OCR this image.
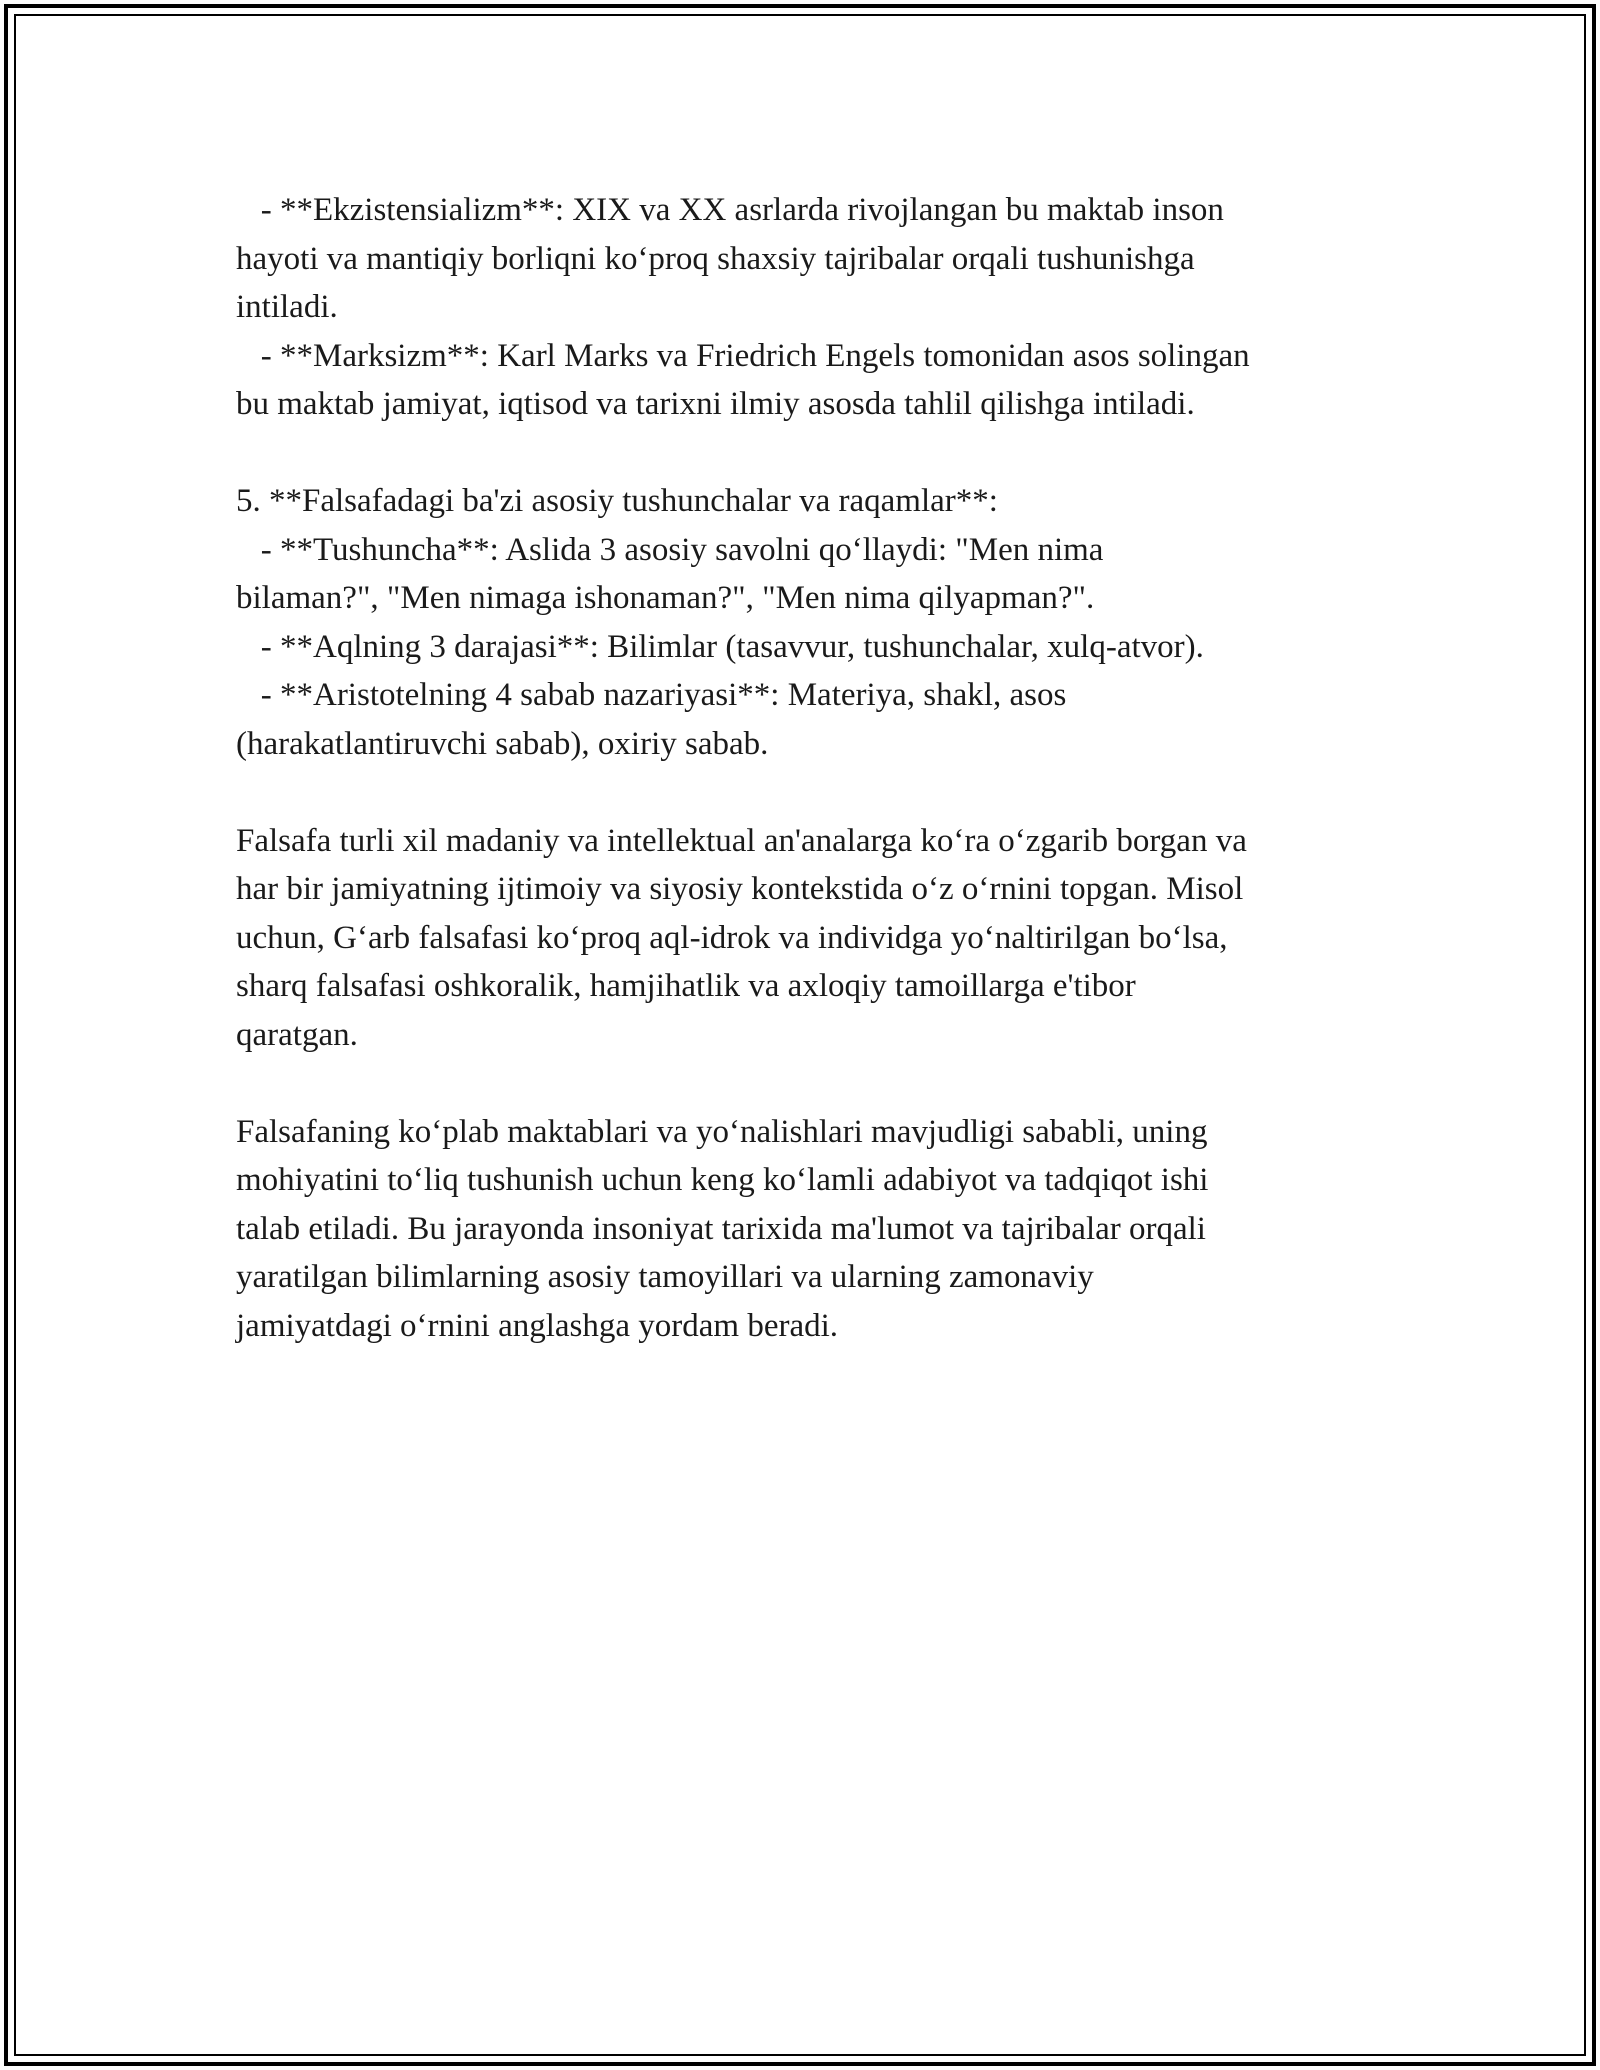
- **Ekzistensializm**: XIX va XX asrlarda rivojlangan bu maktab inson
hayoti va mantiqiy borliqni koʻproq shaxsiy tajribalar orqali tushunishga
intiladi.
- **Marksizm**: Karl Marks va Friedrich Engels tomonidan asos solingan
bu maktab jamiyat, iqtisod va tarixni ilmiy asosda tahlil qilishga intiladi.
5. **Falsafadagi ba'zi asosiy tushunchalar va raqamlar**:
- **Tushuncha**: Aslida 3 asosiy savolni qoʻllaydi: "Men nima
bilaman?", "Men nimaga ishonaman?", "Men nima qilyapman?".
- **Aqlning 3 darajasi**: Bilimlar (tasavvur, tushunchalar, xulq-atvor).
- **Aristotelning 4 sabab nazariyasi**: Materiya, shakl, asos
(harakatlantiruvchi sabab), oxiriy sabab.
Falsafa turli xil madaniy va intellektual an'analarga koʻra oʻzgarib borgan va
har bir jamiyatning ijtimoiy va siyosiy kontekstida oʻz oʻrnini topgan. Misol
uchun, Gʻarb falsafasi koʻproq aql-idrok va individga yoʻnaltirilgan boʻlsa,
sharq falsafasi oshkoralik, hamjihatlik va axloqiy tamoillarga e'tibor
qaratgan.
Falsafaning koʻplab maktablari va yoʻnalishlari mavjudligi sababli, uning
mohiyatini toʻliq tushunish uchun keng koʻlamli adabiyot va tadqiqot ishi
talab etiladi. Bu jarayonda insoniyat tarixida ma'lumot va tajribalar orqali
yaratilgan bilimlarning asosiy tamoyillari va ularning zamonaviy
jamiyatdagi oʻrnini anglashga yordam beradi.
